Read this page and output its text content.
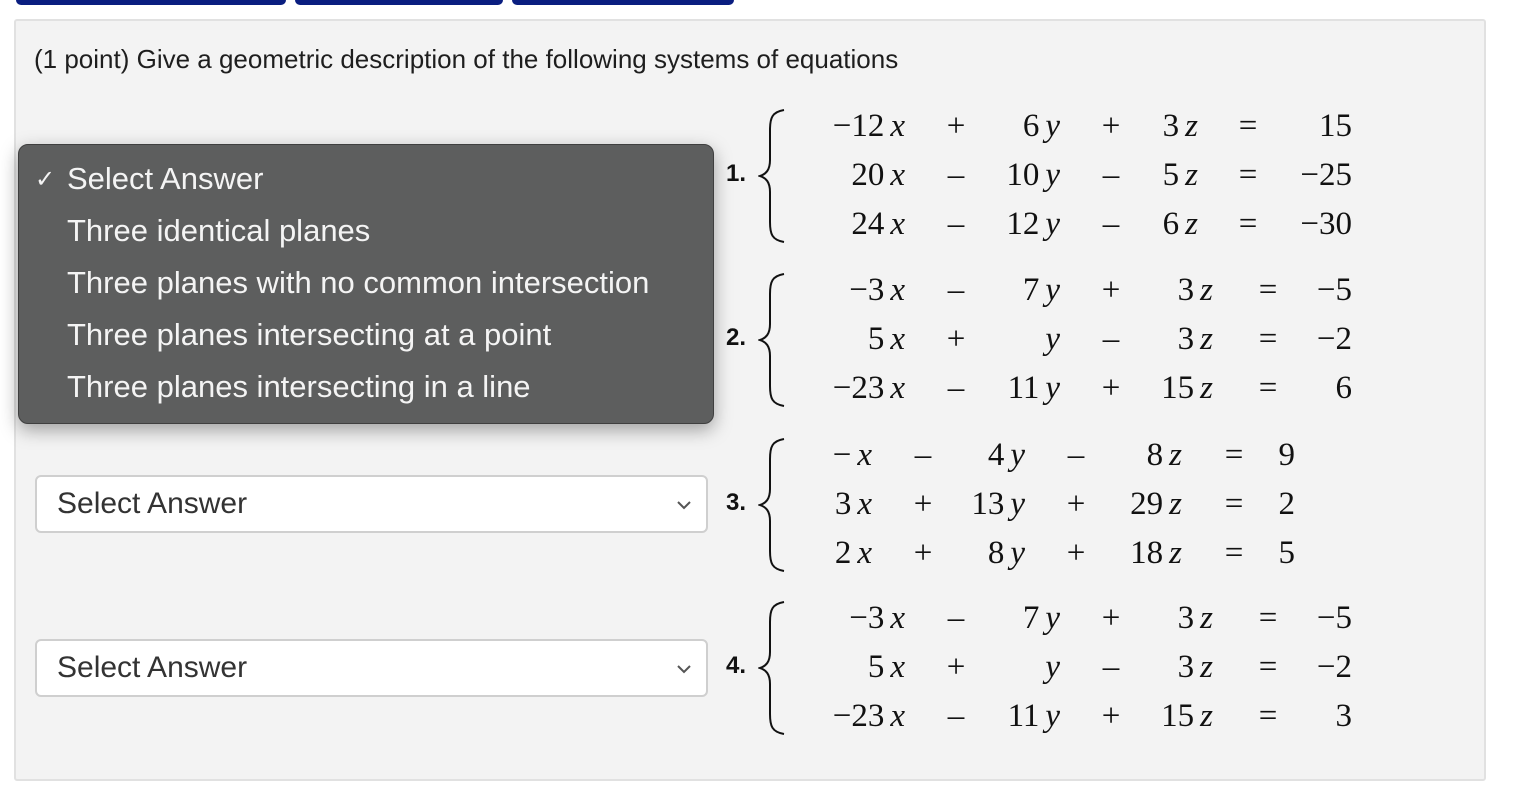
(1 point) Give a geometric description of the following systems of equations
Select Answer
Select Answer
1.
−12 x	+	6 y	+	3 z	=	15
20 x	–	10 y	–	5 z	=	−25
24 x	–	12 y	–	6 z	=	−30
2.
−3 x	–	7 y	+	3 z	=	−5
5 x	+	y	–	3 z	=	−2
−23 x	–	11 y	+	15 z	=	6
3.
− x	–	4 y	–	8 z	=	9
3 x	+	13 y	+	29 z	=	2
2 x	+	8 y	+	18 z	=	5
4.
−3 x	–	7 y	+	3 z	=	−5
5 x	+	y	–	3 z	=	−2
−23 x	–	11 y	+	15 z	=	3
✓ Select Answer
Three identical planes
Three planes with no common intersection
Three planes intersecting at a point
Three planes intersecting in a line
